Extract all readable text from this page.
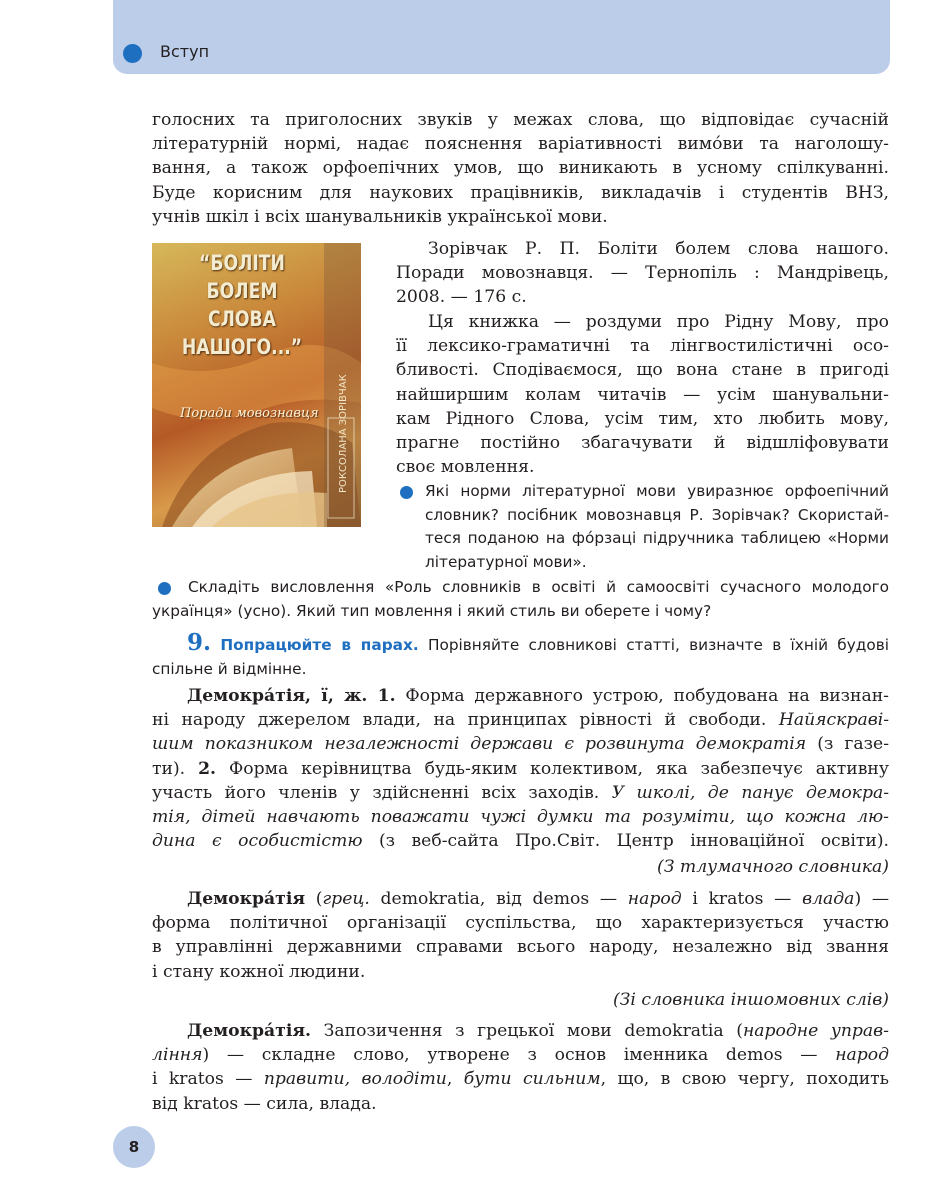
Вступ
голосних та приголосних звуків у межах слова, що відповідає сучасній
літературній нормі, надає пояснення варіативності вимо́ви та наголошу-
вання, а також орфоепічних умов, що виникають в усному спілкуванні.
Буде корисним для наукових працівників, викладачів і студентів ВНЗ,
учнів шкіл і всіх шанувальників української мови.
“БОЛІТИ
БОЛЕМ
СЛОВА
НАШОГО...”
Поради мовознавця	РОКСОЛАНА ЗОРІВЧАК
Зорівчак Р. П. Боліти болем слова нашого.
Поради мовознавця. — Тернопіль : Мандрівець,
2008. — 176 с.
Ця книжка — роздуми про Рідну Мову, про
її лексико-граматичні та лінгвостилістичні осо-
бливості. Сподіваємося, що вона стане в пригоді
найширшим колам читачів — усім шанувальни-
кам Рідного Слова, усім тим, хто любить мову,
прагне постійно збагачувати й відшліфовувати
своє мовлення.
Які норми літературної мови увиразнює орфоепічний
словник? посібник мовознавця Р. Зорівчак? Скористай-
теся поданою на фо́рзаці підручника таблицею «Норми
літературної мови».
Складіть висловлення «Роль словників в освіті й самоосвіті сучасного молодого
українця» (усно). Який тип мовлення і який стиль ви оберете і чому?
9. Попрацюйте в парах. Порівняйте словникові статті, визначте в їхній будові
спільне й відмінне.
Демокра́тія, ї, ж. 1. Форма державного устрою, побудована на визнан-
ні народу джерелом влади, на принципах рівності й свободи. Найяскраві-
шим показником незалежності держави є розвинута демократія (з газе-
ти). 2. Форма керівництва будь-яким колективом, яка забезпечує активну
участь його членів у здійсненні всіх заходів. У школі, де панує демокра-
тія, дітей навчають поважати чужі думки та розуміти, що кожна лю-
дина є особистістю (з веб-сайта Про.Світ. Центр інноваційної освіти).
(З тлумачного словника)
Демокра́тія (грец. demokratia, від demos — народ і kratos — влада) —
форма політичної організації суспільства, що характеризується участю
в управлінні державними справами всього народу, незалежно від звання
і стану кожної людини.
(Зі словника іншомовних слів)
Демокра́тія. Запозичення з грецької мови demokratia (народне управ-
ління) — складне слово, утворене з основ іменника demos — народ
і kratos — правити, володіти, бути сильним, що, в свою чергу, походить
від kratos — сила, влада.
8
